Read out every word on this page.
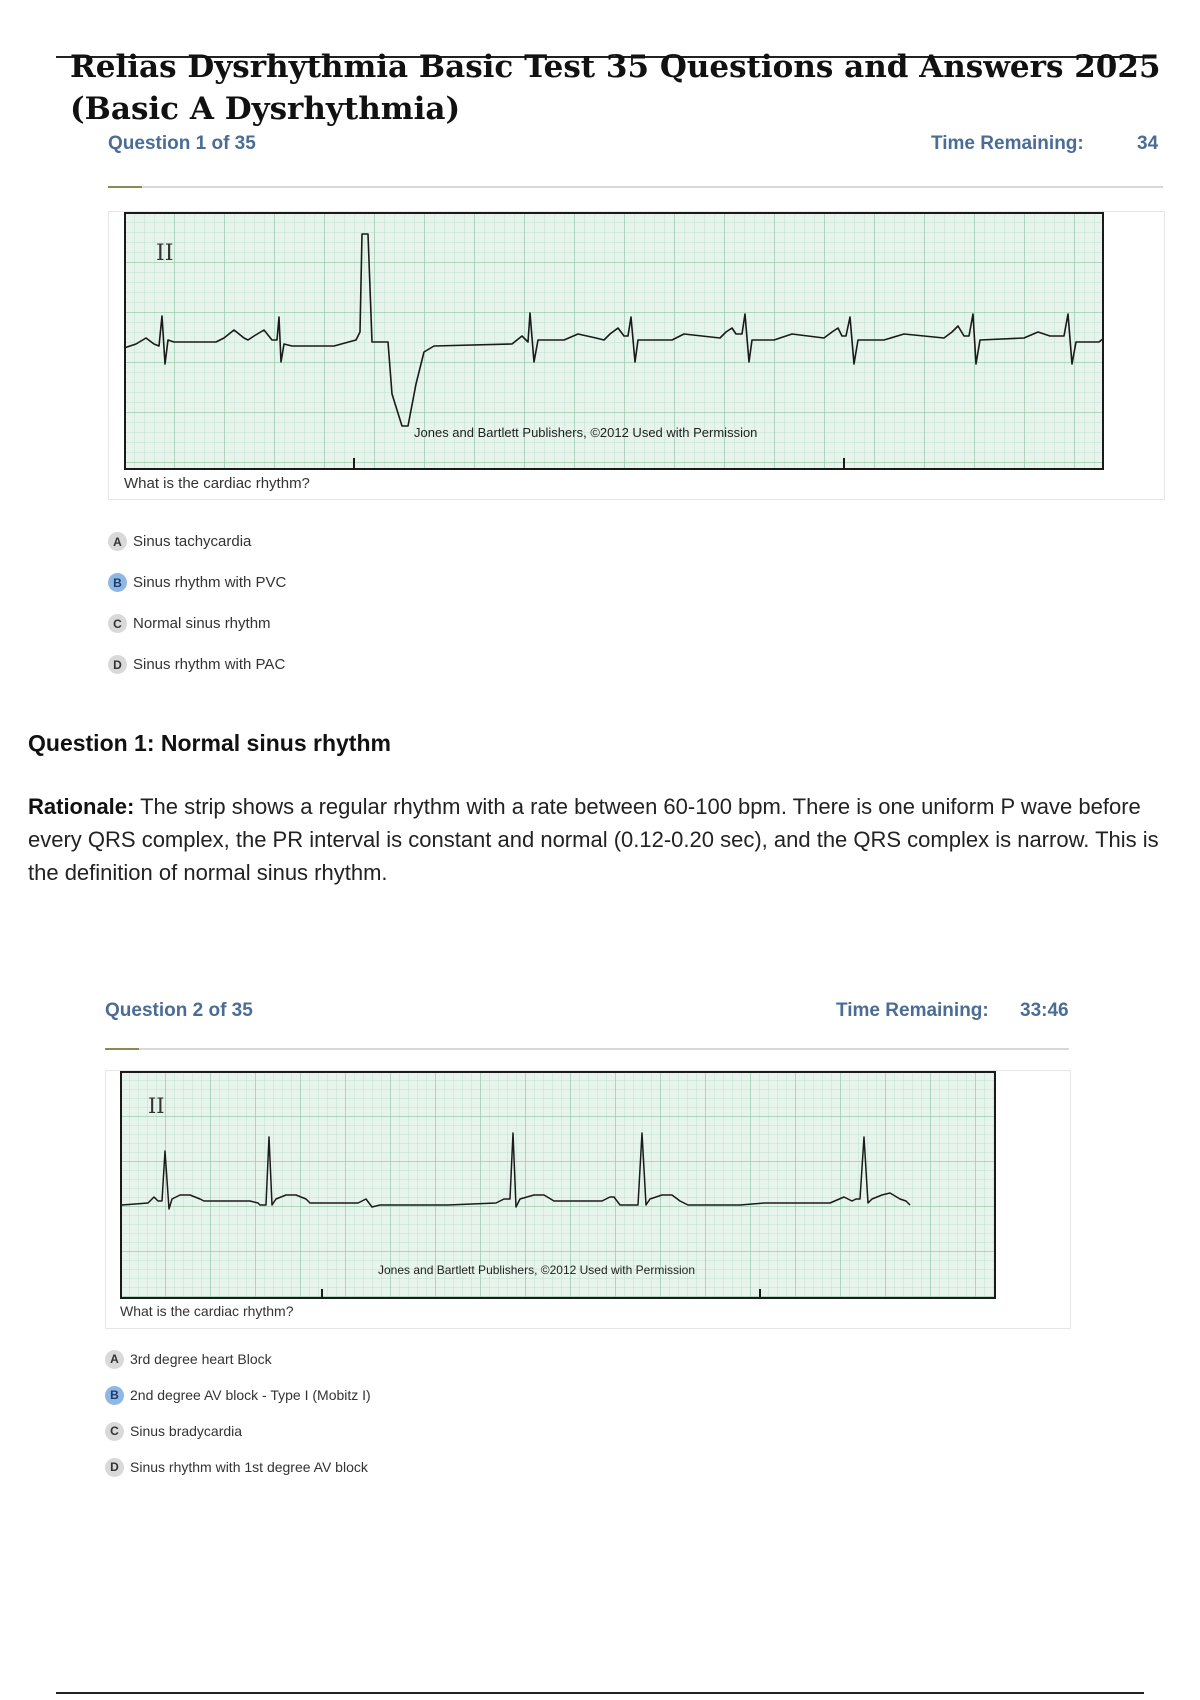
Relias Dysrhythmia Basic Test 35 Questions and Answers 2025 (Basic A Dysrhythmia)
Question 1 of 35	Time Remaining:	34
II
Jones and Bartlett Publishers, ©2012 Used with Permission
What is the cardiac rhythm?
A Sinus tachycardia
B Sinus rhythm with PVC
C Normal sinus rhythm
D Sinus rhythm with PAC
Question 1: Normal sinus rhythm

Rationale: The strip shows a regular rhythm with a rate between 60-100 bpm. There is one uniform P wave before every QRS complex, the PR interval is constant and normal (0.12-0.20 sec), and the QRS complex is narrow. This is the definition of normal sinus rhythm.

Question 2 of 35	Time Remaining: 33:46
II
Jones and Bartlett Publishers, ©2012 Used with Permission
What is the cardiac rhythm?
A 3rd degree heart Block
B 2nd degree AV block - Type I (Mobitz I)
C Sinus bradycardia
D Sinus rhythm with 1st degree AV block
